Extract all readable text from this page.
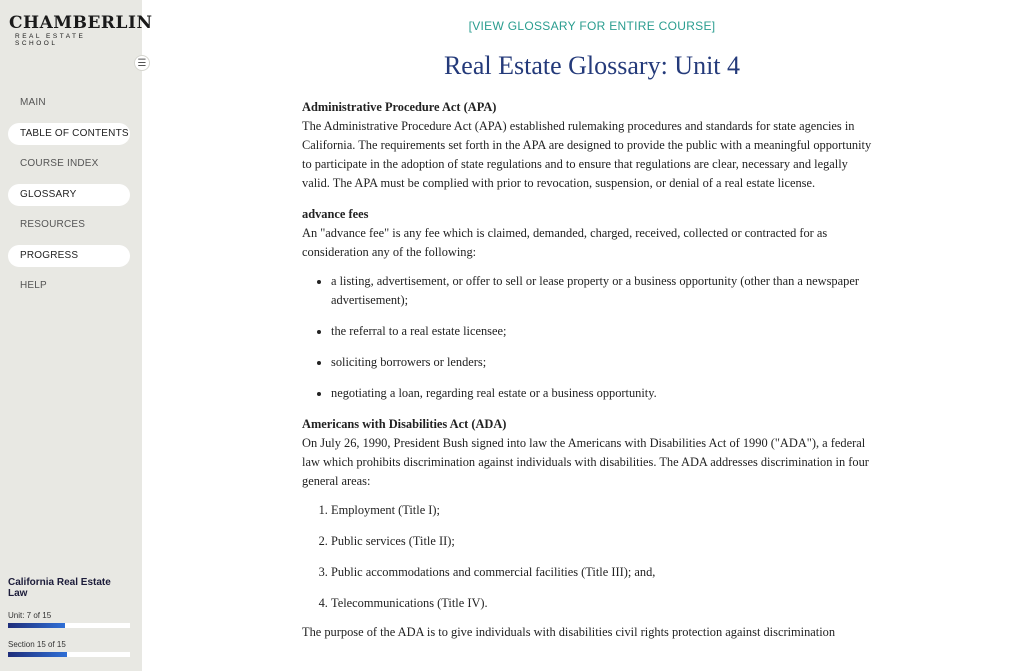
CHAMBERLIN
REAL ESTATE SCHOOL
MAIN
TABLE OF CONTENTS
COURSE INDEX
GLOSSARY
RESOURCES
PROGRESS
HELP
California Real Estate Law
Unit: 7 of 15
Section 15 of 15
☰
[VIEW GLOSSARY FOR ENTIRE COURSE]
Real Estate Glossary: Unit 4
Administrative Procedure Act (APA)
The Administrative Procedure Act (APA) established rulemaking procedures and standards for state agencies in California. The requirements set forth in the APA are designed to provide the public with a meaningful opportunity to participate in the adoption of state regulations and to ensure that regulations are clear, necessary and legally valid. The APA must be complied with prior to revocation, suspension, or denial of a real estate license.
advance fees
An "advance fee" is any fee which is claimed, demanded, charged, received, collected or contracted for as consideration any of the following:
• a listing, advertisement, or offer to sell or lease property or a business opportunity (other than a newspaper advertisement);
• the referral to a real estate licensee;
• soliciting borrowers or lenders;
• negotiating a loan, regarding real estate or a business opportunity.
Americans with Disabilities Act (ADA)
On July 26, 1990, President Bush signed into law the Americans with Disabilities Act of 1990 ("ADA"), a federal law which prohibits discrimination against individuals with disabilities. The ADA addresses discrimination in four general areas:
1. Employment (Title I);
2. Public services (Title II);
3. Public accommodations and commercial facilities (Title III); and,
4. Telecommunications (Title IV).
The purpose of the ADA is to give individuals with disabilities civil rights protection against discrimination
